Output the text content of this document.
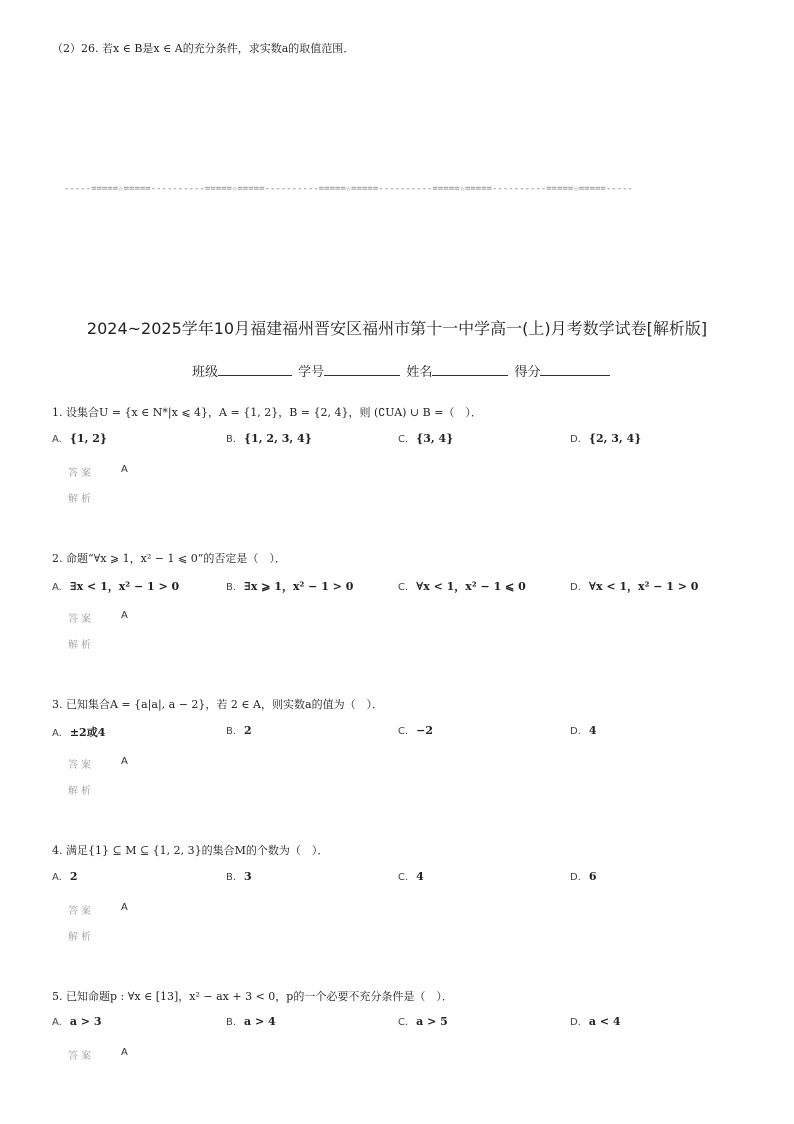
（2）26. 若x ∈ B是x ∈ A的充分条件，求实数a的取值范围．
-----=====☆=====----------=====☆=====----------=====☆=====----------=====☆=====----------=====☆=====-----
2024~2025学年10月福建福州晋安区福州市第十一中学高一(上)月考数学试卷[解析版]
班级	学号	姓名	得分
1. 设集合U = {x ∈ N*|x ⩽ 4}，A = {1, 2}，B = {2, 4}，则 (∁UA) ∪ B =（　）．
A. {1, 2}	B. {1, 2, 3, 4}	C. {3, 4}	D. {2, 3, 4}
答案	A
解析
2. 命题“∀x ⩾ 1，x² − 1 ⩽ 0”的否定是（　）．
A. ∃x < 1，x² − 1 > 0	B. ∃x ⩾ 1，x² − 1 > 0	C. ∀x < 1，x² − 1 ⩽ 0	D. ∀x < 1，x² − 1 > 0
答案	A
解析
3. 已知集合A = {a|a|, a − 2}，若 2 ∈ A，则实数a的值为（　）．
A. ±2或4	B. 2	C. −2	D. 4
答案	A
解析
4. 满足{1} ⊆ M ⊆ {1, 2, 3}的集合M的个数为（　）．
A. 2	B. 3	C. 4	D. 6
答案	A
解析
5. 已知命题p : ∀x ∈ [13]，x² − ax + 3 < 0，p的一个必要不充分条件是（　）．
A. a > 3	B. a > 4	C. a > 5	D. a < 4
答案	A
